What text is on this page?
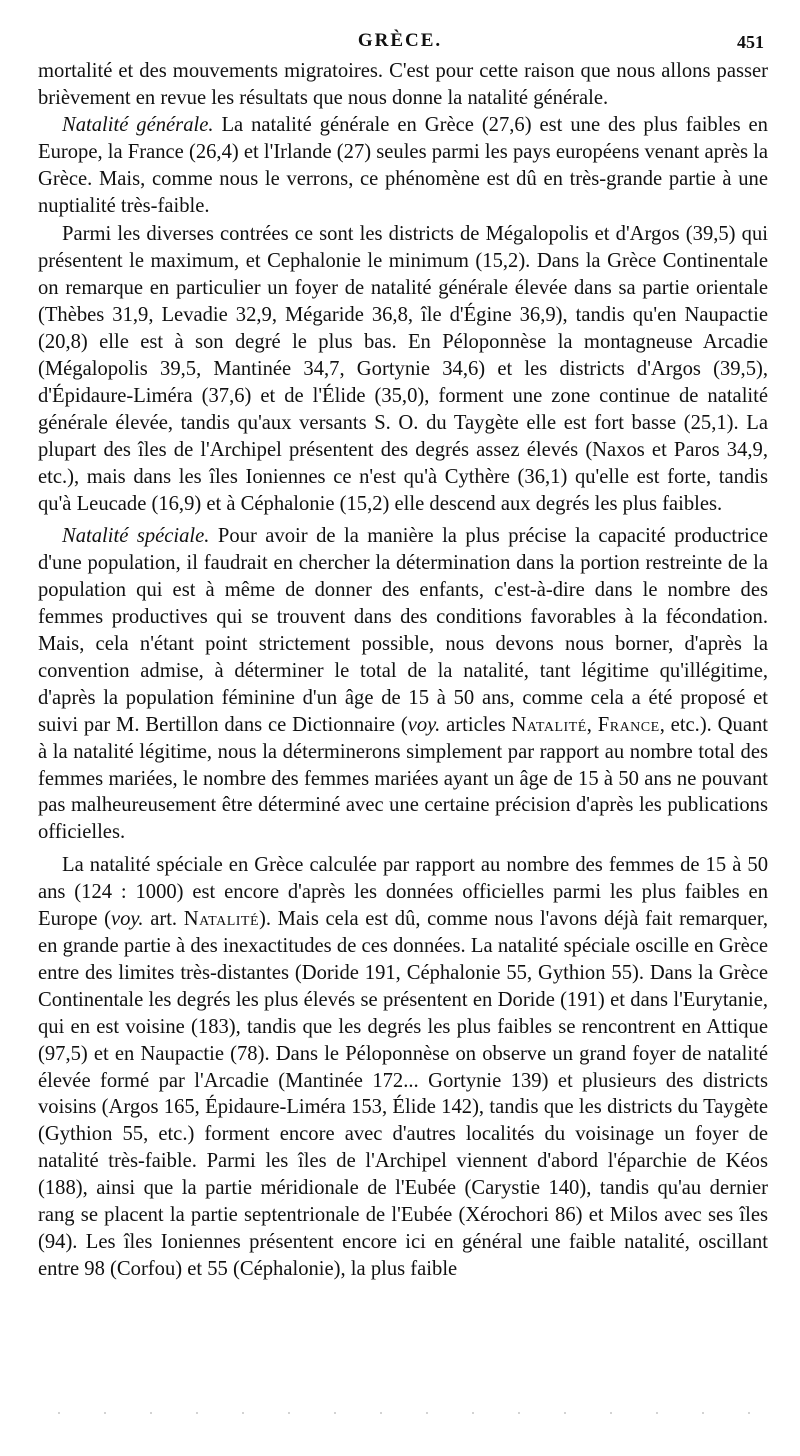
GRÈCE.	451

mortalité et des mouvements migratoires. C'est pour cette raison que nous allons passer brièvement en revue les résultats que nous donne la natalité générale.

Natalité générale. La natalité générale en Grèce (27,6) est une des plus faibles en Europe, la France (26,4) et l'Irlande (27) seules parmi les pays européens venant après la Grèce. Mais, comme nous le verrons, ce phénomène est dû en très-grande partie à une nuptialité très-faible.

Parmi les diverses contrées ce sont les districts de Mégalopolis et d'Argos (39,5) qui présentent le maximum, et Cephalonie le minimum (15,2). Dans la Grèce Continentale on remarque en particulier un foyer de natalité générale élevée dans sa partie orientale (Thèbes 31,9, Levadie 32,9, Mégaride 36,8, île d'Égine 36,9), tandis qu'en Naupactie (20,8) elle est à son degré le plus bas. En Péloponnèse la montagneuse Arcadie (Mégalopolis 39,5, Mantinée 34,7, Gortynie 34,6) et les districts d'Argos (39,5), d'Épidaure-Liméra (37,6) et de l'Élide (35,0), forment une zone continue de natalité générale élevée, tandis qu'aux versants S. O. du Taygète elle est fort basse (25,1). La plupart des îles de l'Archipel présentent des degrés assez élevés (Naxos et Paros 34,9, etc.), mais dans les îles Ioniennes ce n'est qu'à Cythère (36,1) qu'elle est forte, tandis qu'à Leucade (16,9) et à Céphalonie (15,2) elle descend aux degrés les plus faibles.

Natalité spéciale. Pour avoir de la manière la plus précise la capacité productrice d'une population, il faudrait en chercher la détermination dans la portion restreinte de la population qui est à même de donner des enfants, c'est-à-dire dans le nombre des femmes productives qui se trouvent dans des conditions favorables à la fécondation. Mais, cela n'étant point strictement possible, nous devons nous borner, d'après la convention admise, à déterminer le total de la natalité, tant légitime qu'illégitime, d'après la population féminine d'un âge de 15 à 50 ans, comme cela a été proposé et suivi par M. Bertillon dans ce Dictionnaire (voy. articles Natalité, France, etc.). Quant à la natalité légitime, nous la déterminerons simplement par rapport au nombre total des femmes mariées, le nombre des femmes mariées ayant un âge de 15 à 50 ans ne pouvant pas malheureusement être déterminé avec une certaine précision d'après les publications officielles.

La natalité spéciale en Grèce calculée par rapport au nombre des femmes de 15 à 50 ans (124 : 1000) est encore d'après les données officielles parmi les plus faibles en Europe (voy. art. Natalité). Mais cela est dû, comme nous l'avons déjà fait remarquer, en grande partie à des inexactitudes de ces données. La natalité spéciale oscille en Grèce entre des limites très-distantes (Doride 191, Céphalonie 55, Gythion 55). Dans la Grèce Continentale les degrés les plus élevés se présentent en Doride (191) et dans l'Eurytanie, qui en est voisine (183), tandis que les degrés les plus faibles se rencontrent en Attique (97,5) et en Naupactie (78). Dans le Péloponnèse on observe un grand foyer de natalité élevée formé par l'Arcadie (Mantinée 172... Gortynie 139) et plusieurs des districts voisins (Argos 165, Épidaure-Liméra 153, Élide 142), tandis que les districts du Taygète (Gythion 55, etc.) forment encore avec d'autres localités du voisinage un foyer de natalité très-faible. Parmi les îles de l'Archipel viennent d'abord l'éparchie de Kéos (188), ainsi que la partie méridionale de l'Eubée (Carystie 140), tandis qu'au dernier rang se placent la partie septentrionale de l'Eubée (Xérochori 86) et Milos avec ses îles (94). Les îles Ioniennes présentent encore ici en général une faible natalité, oscillant entre 98 (Corfou) et 55 (Céphalonie), la plus faible
